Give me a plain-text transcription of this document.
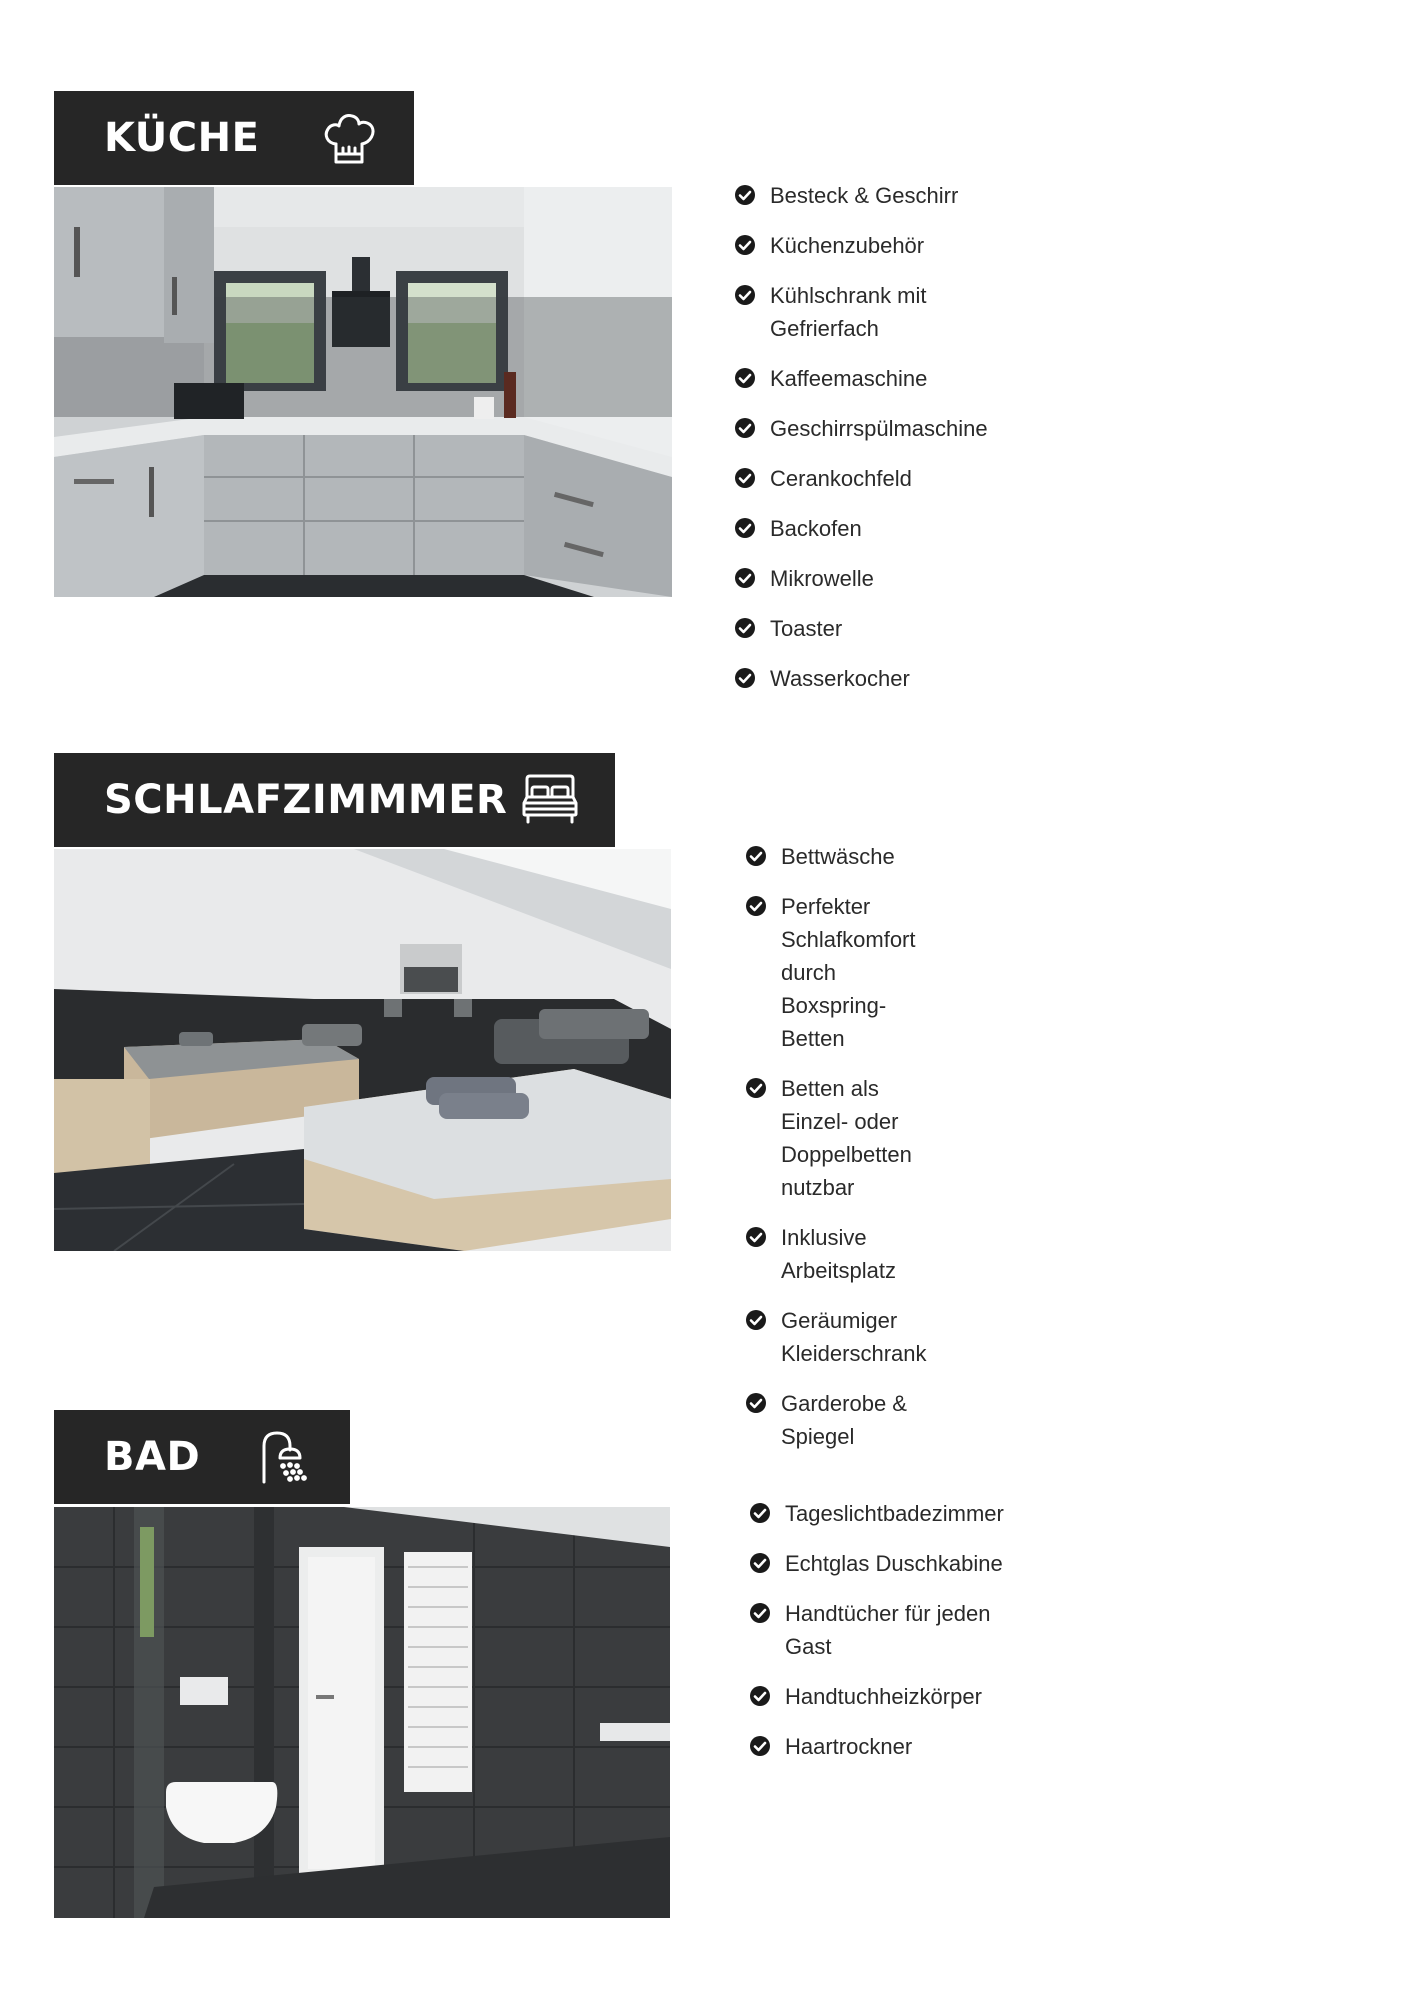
KÜCHE
Besteck & Geschirr
Küchenzubehör
Kühlschrank mit Gefrierfach
Kaffeemaschine
Geschirrspülmaschine
Cerankochfeld
Backofen
Mikrowelle
Toaster
Wasserkocher
SCHLAFZIMMMER
Bettwäsche
Perfekter Schlafkomfort durch Boxspring-Betten
Betten als Einzel- oder Doppelbetten nutzbar
Inklusive Arbeitsplatz
Geräumiger Kleiderschrank
Garderobe & Spiegel
BAD
Tageslichtbadezimmer
Echtglas Duschkabine
Handtücher für jeden Gast
Handtuchheizkörper
Haartrockner
